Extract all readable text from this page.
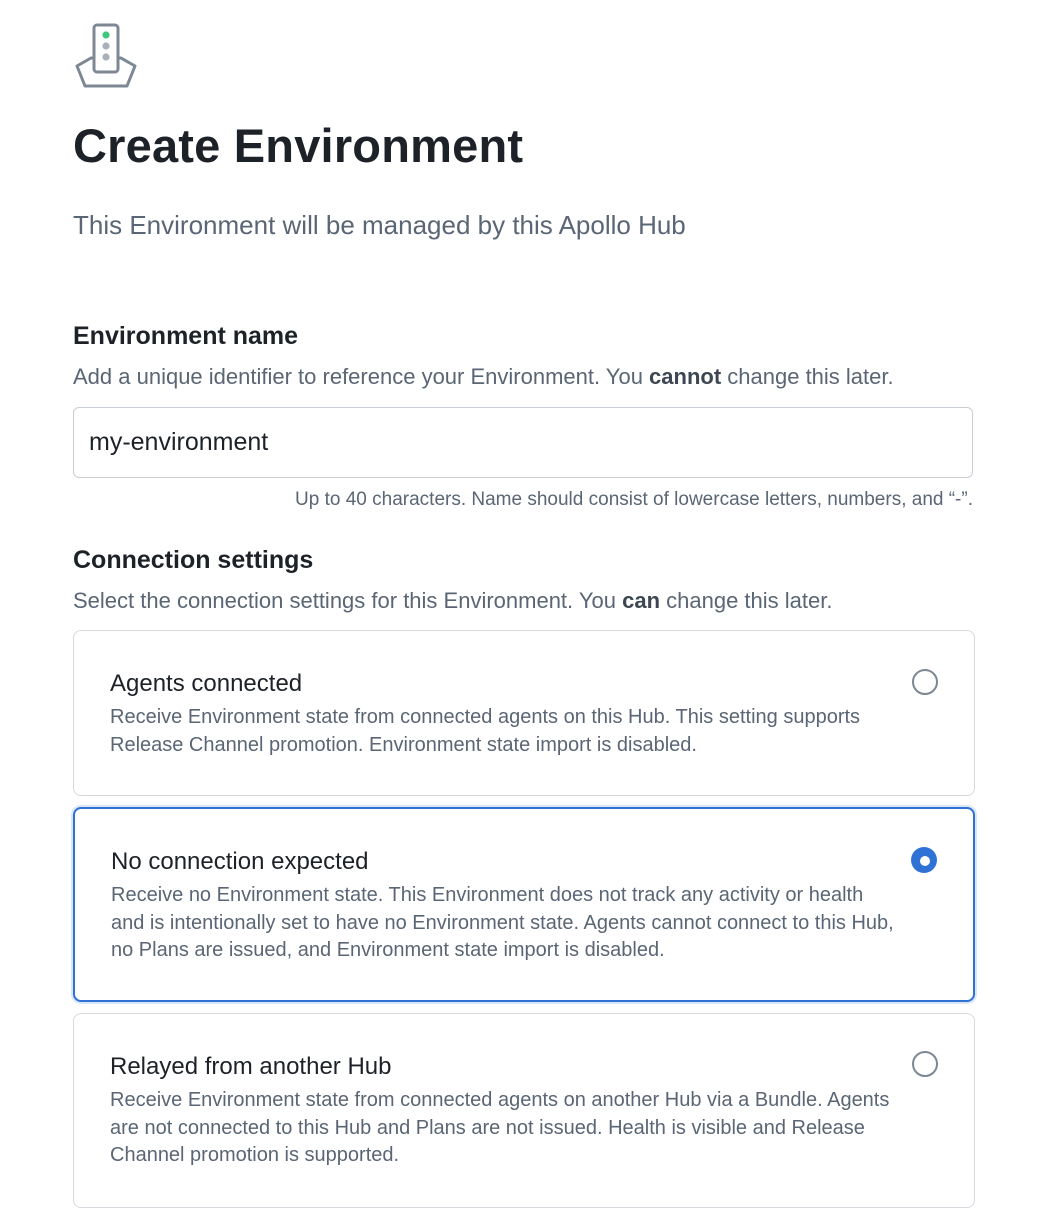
Create Environment

This Environment will be managed by this Apollo Hub

Environment name

Add a unique identifier to reference your Environment. You cannot change this later.

my-environment

Up to 40 characters. Name should consist of lowercase letters, numbers, and “-”.

Connection settings

Select the connection settings for this Environment. You can change this later.

Agents connected

Receive Environment state from connected agents on this Hub. This setting supports Release Channel promotion. Environment state import is disabled.

No connection expected

Receive no Environment state. This Environment does not track any activity or health and is intentionally set to have no Environment state. Agents cannot connect to this Hub, no Plans are issued, and Environment state import is disabled.

Relayed from another Hub

Receive Environment state from connected agents on another Hub via a Bundle. Agents are not connected to this Hub and Plans are not issued. Health is visible and Release Channel promotion is supported.
